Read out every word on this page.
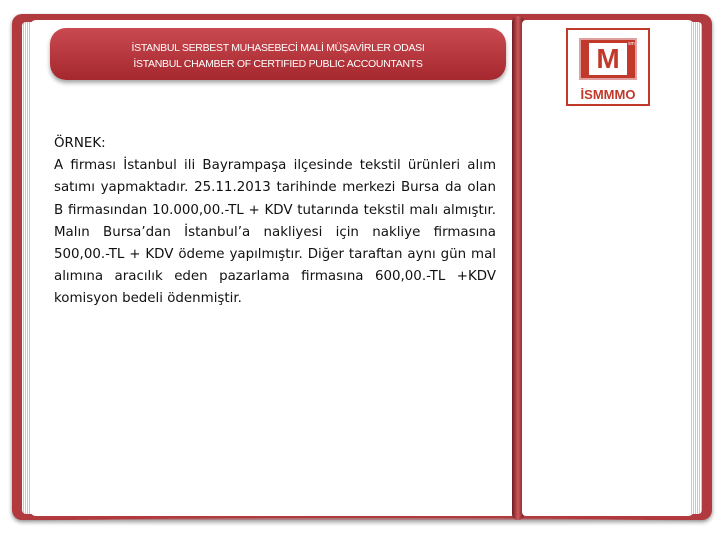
İSTANBUL SERBEST MUHASEBECİ MALİ MÜŞAVİRLER ODASI
İSTANBUL CHAMBER OF CERTIFIED PUBLIC ACCOUNTANTS	M	sm
İSMMMO
ÖRNEK:
A firması İstanbul ili Bayrampaşa ilçesinde tekstil ürünleri alım satımı yapmaktadır. 25.11.2013 tarihinde merkezi Bursa da olan B firmasından 10.000,00.-TL + KDV tutarında tekstil malı almıştır. Malın Bursa’dan İstanbul’a nakliyesi için nakliye firmasına 500,00.-TL + KDV ödeme yapılmıştır. Diğer taraftan aynı gün mal alımına aracılık eden pazarlama firmasına 600,00.-TL +KDV komisyon bedeli ödenmiştir.
